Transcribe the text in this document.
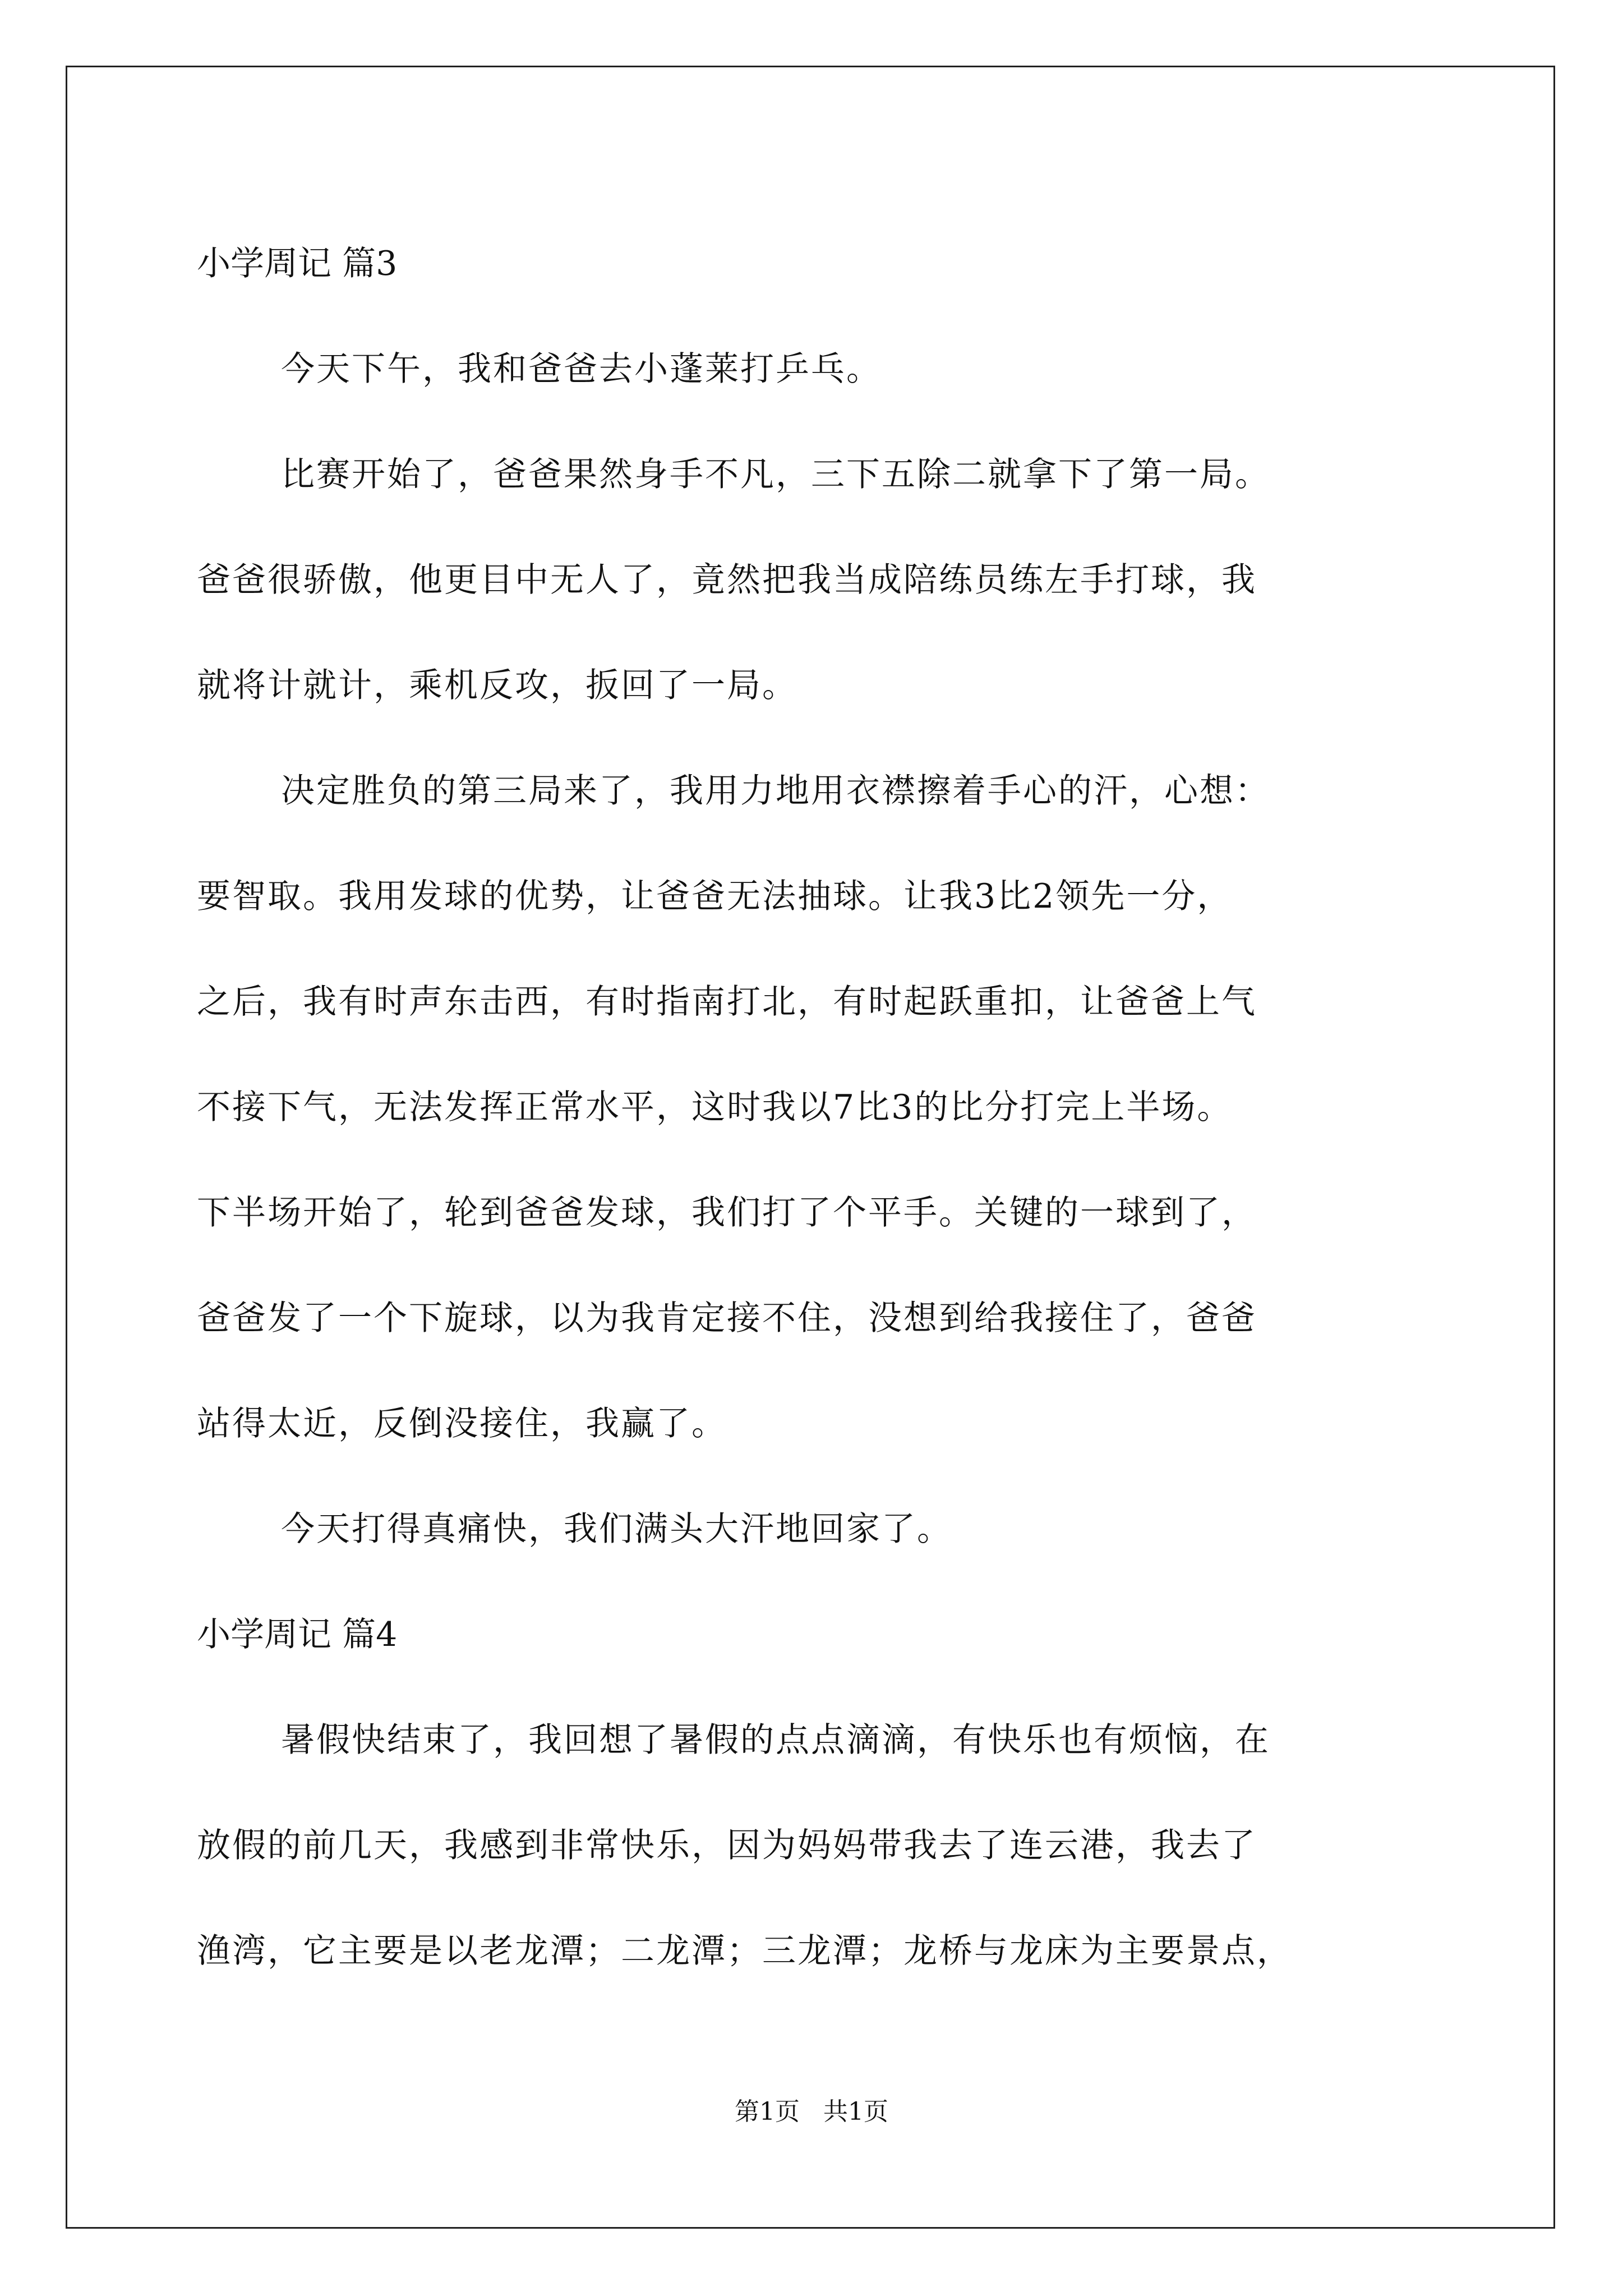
小学周记 篇3

今天下午，我和爸爸去小蓬莱打乒乓。

比赛开始了，爸爸果然身手不凡，三下五除二就拿下了第一局。
爸爸很骄傲，他更目中无人了，竟然把我当成陪练员练左手打球，我
就将计就计，乘机反攻，扳回了一局。

决定胜负的第三局来了，我用力地用衣襟擦着手心的汗，心想：
要智取。我用发球的优势，让爸爸无法抽球。让我3比2领先一分，
之后，我有时声东击西，有时指南打北，有时起跃重扣，让爸爸上气
不接下气，无法发挥正常水平，这时我以7比3的比分打完上半场。
下半场开始了，轮到爸爸发球，我们打了个平手。关键的一球到了，
爸爸发了一个下旋球，以为我肯定接不住，没想到给我接住了，爸爸
站得太近，反倒没接住，我赢了。

今天打得真痛快，我们满头大汗地回家了。

小学周记 篇4

暑假快结束了，我回想了暑假的点点滴滴，有快乐也有烦恼，在
放假的前几天，我感到非常快乐，因为妈妈带我去了连云港，我去了
渔湾，它主要是以老龙潭；二龙潭；三龙潭；龙桥与龙床为主要景点，

第1页 共1页
